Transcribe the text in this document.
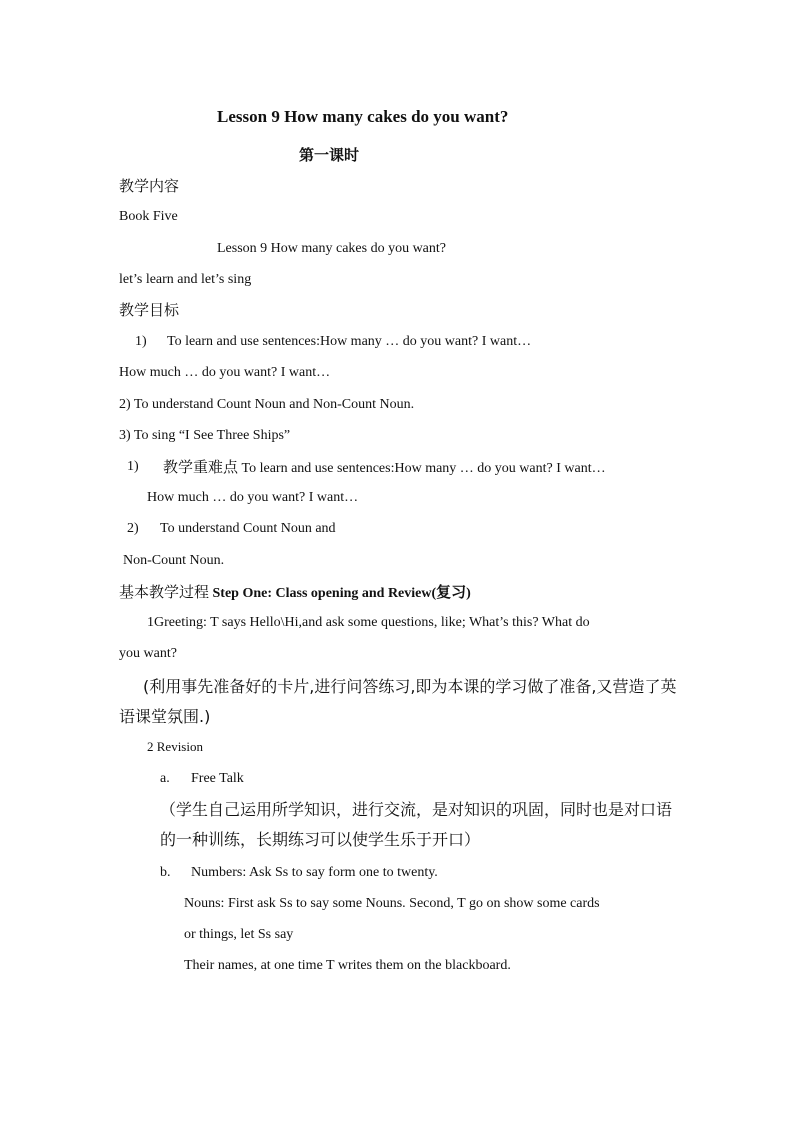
Lesson 9 How many cakes do you want?
第一课时
教学内容
Book Five
Lesson 9 How many cakes do you want?
let’s learn and let’s sing
教学目标
1) To learn and use sentences:How many … do you want? I want…
How much … do you want? I want…
2) To understand Count Noun and Non-Count Noun.
3) To sing “I See Three Ships”
1) 教学重难点 To learn and use sentences:How many … do you want? I want…
How much … do you want? I want…
2) To understand Count Noun and
Non-Count Noun.
基本教学过程 Step One: Class opening and Review(复习)
1Greeting: T says Hello\Hi,and ask some questions, like; What’s this? What do
you want?
(利用事先准备好的卡片,进行问答练习,即为本课的学习做了准备,又营造了英
语课堂氛围.)
2 Revision
a. Free Talk
（学生自己运用所学知识，进行交流，是对知识的巩固，同时也是对口语
的一种训练，长期练习可以使学生乐于开口）
b. Numbers: Ask Ss to say form one to twenty.
Nouns: First ask Ss to say some Nouns. Second, T go on show some cards
or things, let Ss say
Their names, at one time T writes them on the blackboard.
